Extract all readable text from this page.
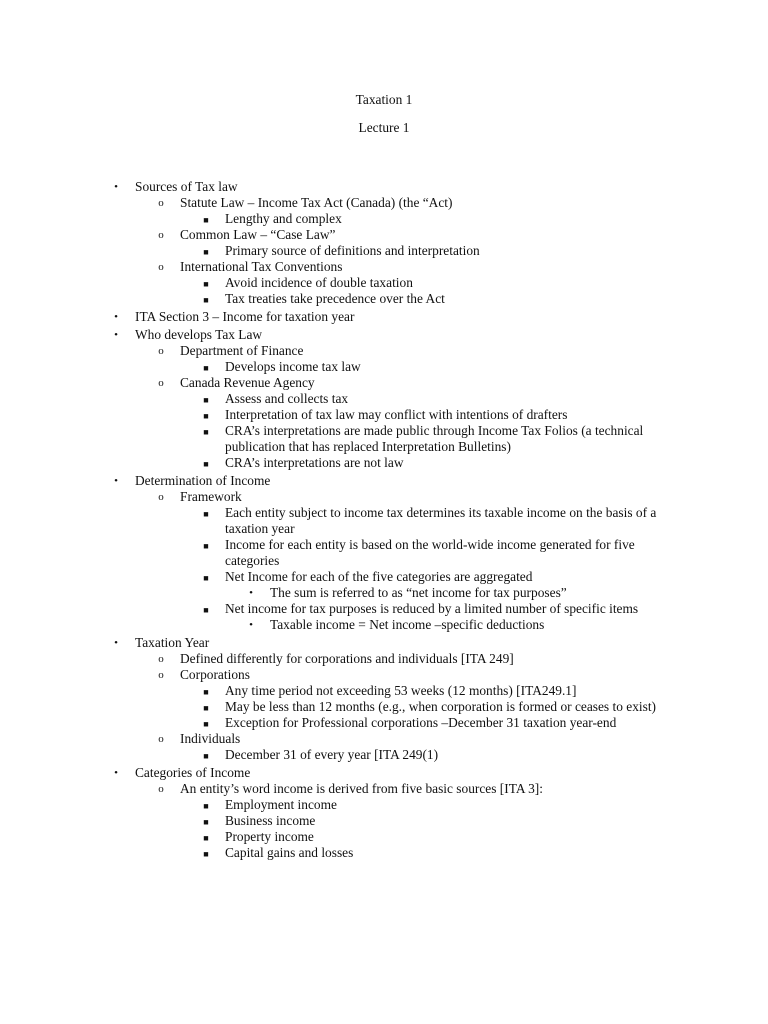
Taxation 1
Lecture 1
•	Sources of Tax law
o	Statute Law – Income Tax Act (Canada) (the “Act)
■	Lengthy and complex
o	Common Law – “Case Law”
■	Primary source of definitions and interpretation
o	International Tax Conventions
■	Avoid incidence of double taxation
■	Tax treaties take precedence over the Act
•	ITA Section 3 – Income for taxation year
•	Who develops Tax Law
o	Department of Finance
■	Develops income tax law
o	Canada Revenue Agency
■	Assess and collects tax
■	Interpretation of tax law may conflict with intentions of drafters
■	CRA’s interpretations are made public through Income Tax Folios (a technical publication that has replaced Interpretation Bulletins)
■	CRA’s interpretations are not law
•	Determination of Income
o	Framework
■	Each entity subject to income tax determines its taxable income on the basis of a taxation year
■	Income for each entity is based on the world-wide income generated for five categories
■	Net Income for each of the five categories are aggregated
•	The sum is referred to as “net income for tax purposes”
■	Net income for tax purposes is reduced by a limited number of specific items
•	Taxable income = Net income –specific deductions
•	Taxation Year
o	Defined differently for corporations and individuals [ITA 249]
o	Corporations
■	Any time period not exceeding 53 weeks (12 months) [ITA249.1]
■	May be less than 12 months (e.g., when corporation is formed or ceases to exist)
■	Exception for Professional corporations –December 31 taxation year-end
o	Individuals
■	December 31 of every year [ITA 249(1)
•	Categories of Income
o	An entity’s word income is derived from five basic sources [ITA 3]:
■	Employment income
■	Business income
■	Property income
■	Capital gains and losses
